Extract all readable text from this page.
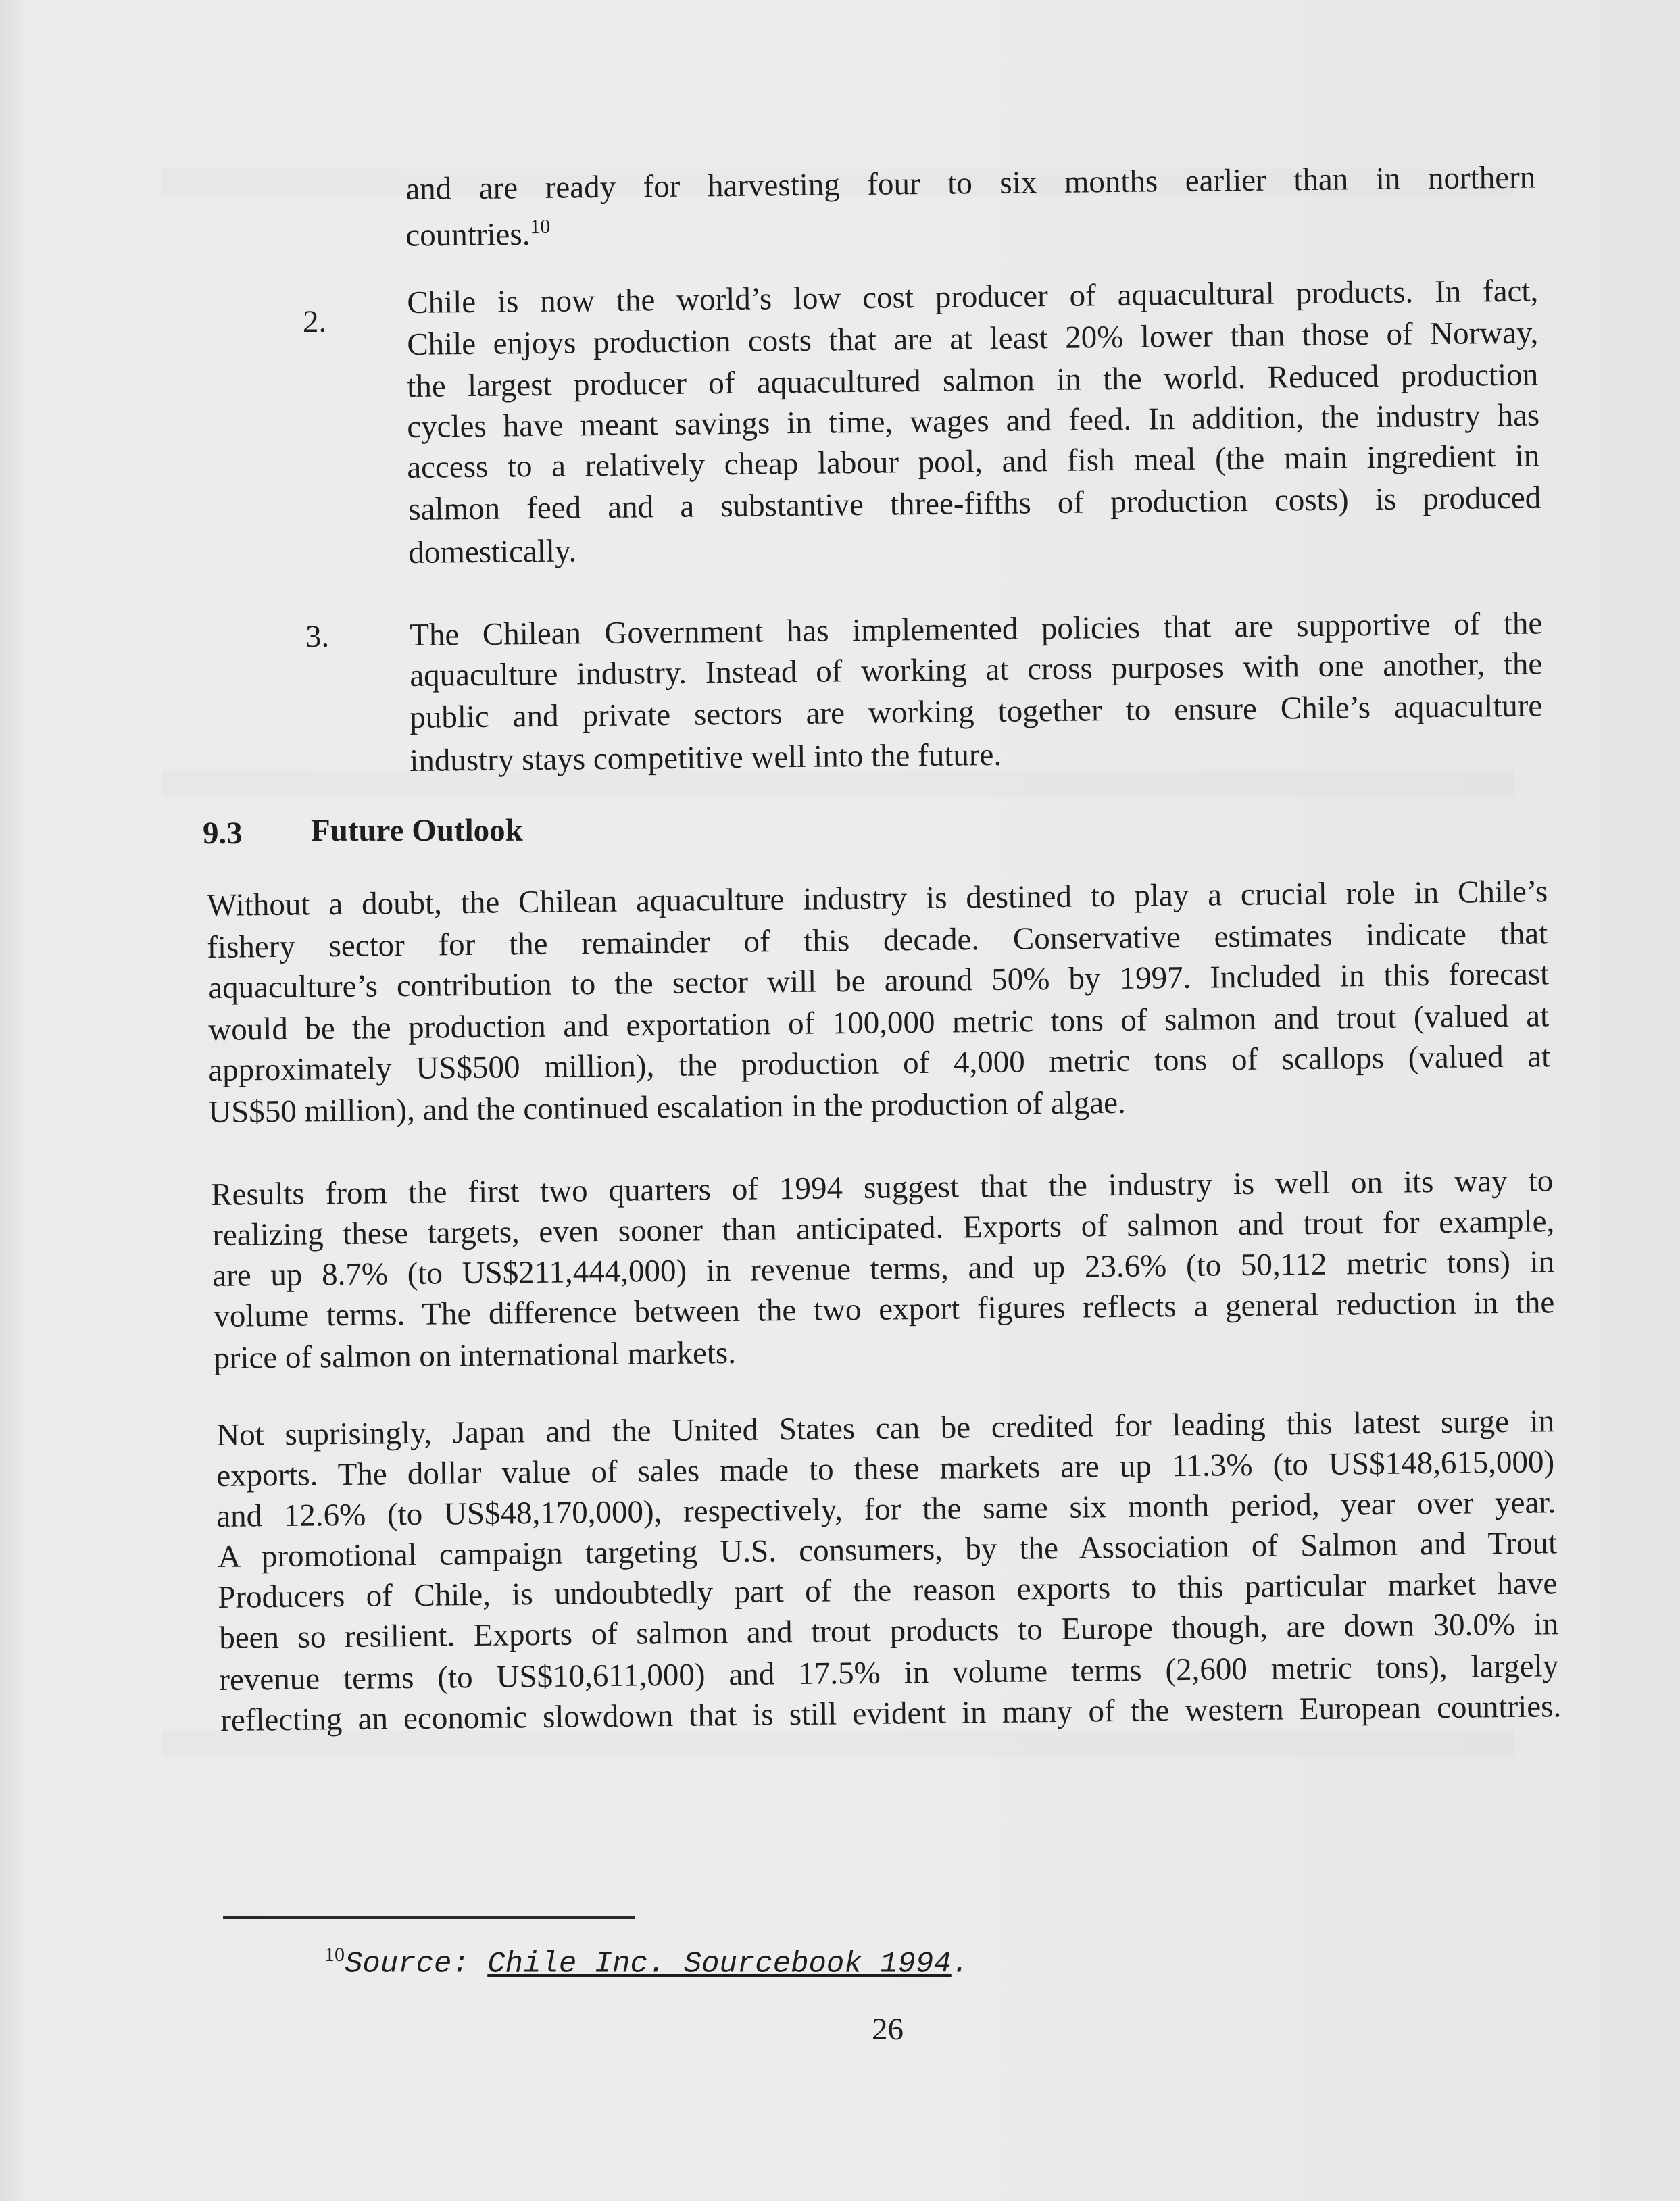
and are ready for harvesting four to six months earlier than in northern
countries.$^{10}$
2.
Chile is now the world’s low cost producer of aquacultural products. In fact,
Chile enjoys production costs that are at least 20% lower than those of Norway,
the largest producer of aquacultured salmon in the world. Reduced production
cycles have meant savings in time, wages and feed. In addition, the industry has
access to a relatively cheap labour pool, and fish meal (the main ingredient in
salmon feed and a substantive three-fifths of production costs) is produced
domestically.
3.	The Chilean Government has implemented policies that are supportive of the
aquaculture industry. Instead of working at cross purposes with one another, the
public and private sectors are working together to ensure Chile’s aquaculture
industry stays competitive well into the future.
9.3 Future Outlook
Without a doubt, the Chilean aquaculture industry is destined to play a crucial role in Chile’s
fishery sector for the remainder of this decade. Conservative estimates indicate that
aquaculture’s contribution to the sector will be around 50% by 1997. Included in this forecast
would be the production and exportation of 100,000 metric tons of salmon and trout (valued at
approximately US$500 million), the production of 4,000 metric tons of scallops (valued at
US$50 million), and the continued escalation in the production of algae.
Results from the first two quarters of 1994 suggest that the industry is well on its way to
realizing these targets, even sooner than anticipated. Exports of salmon and trout for example,
are up 8.7% (to US$211,444,000) in revenue terms, and up 23.6% (to 50,112 metric tons) in
volume terms. The difference between the two export figures reflects a general reduction in the
price of salmon on international markets.
Not suprisingly, Japan and the United States can be credited for leading this latest surge in
exports. The dollar value of sales made to these markets are up 11.3% (to US$148,615,000)
and 12.6% (to US$48,170,000), respectively, for the same six month period, year over year.
A promotional campaign targeting U.S. consumers, by the Association of Salmon and Trout
Producers of Chile, is undoubtedly part of the reason exports to this particular market have
been so resilient. Exports of salmon and trout products to Europe though, are down 30.0% in
revenue terms (to US$10,611,000) and 17.5% in volume terms (2,600 metric tons), largely
reflecting an economic slowdown that is still evident in many of the western European countries.
$^{10}$Source: Chile Inc. Sourcebook 1994.
26
